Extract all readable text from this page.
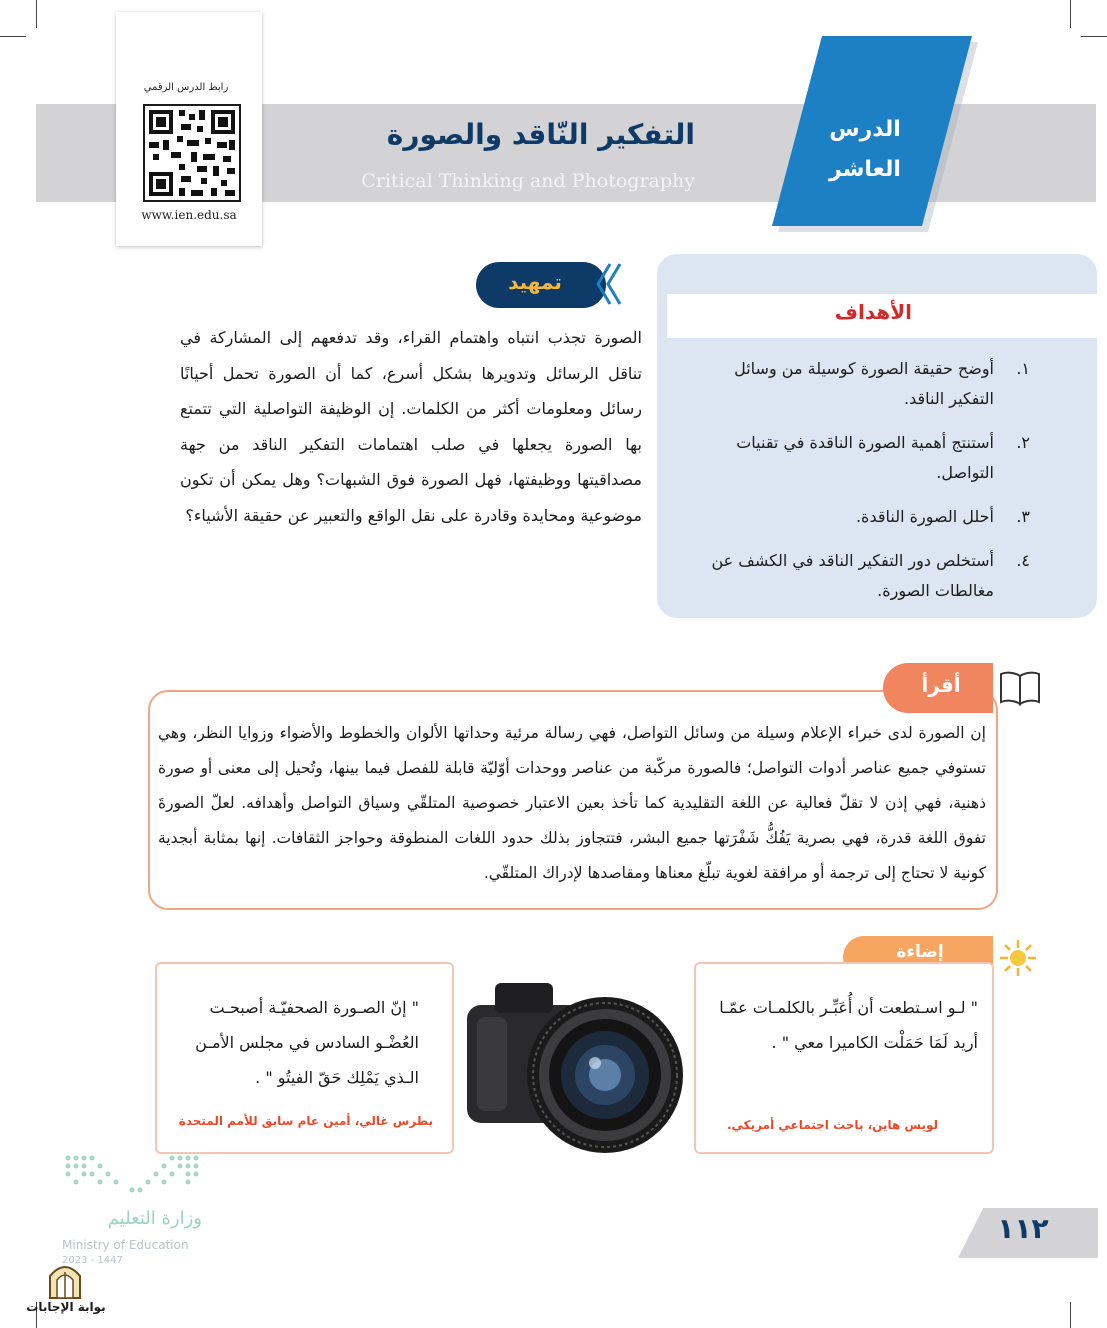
الدرس العاشر
التفكير النّاقد والصورة
Critical Thinking and Photography
رابط الدرس الرقمي
www.ien.edu.sa
الأهداف
١.
أوضح حقيقة الصورة كوسيلة من وسائل التفكير الناقد.
٢.
أستنتج أهمية الصورة الناقدة في تقنيات التواصل.
٣.
أحلل الصورة الناقدة.
٤.
أستخلص دور التفكير الناقد في الكشف عن مغالطات الصورة.
تمهيد
الصورة تجذب انتباه واهتمام القراء، وقد تدفعهم إلى المشاركة في تناقل الرسائل وتدويرها بشكل أسرع، كما أن الصورة تحمل أحيانًا رسائل ومعلومات أكثر من الكلمات. إن الوظيفة التواصلية التي تتمتع بها الصورة يجعلها في صلب اهتمامات التفكير الناقد من جهة مصداقيتها ووظيفتها، فهل الصورة فوق الشبهات؟ وهل يمكن أن تكون موضوعية ومحايدة وقادرة على نقل الواقع والتعبير عن حقيقة الأشياء؟
أقرأ
إن الصورة لدى خبراء الإعلام وسيلة من وسائل التواصل، فهي رسالة مرئية وحداتها الألوان والخطوط والأضواء وزوايا النظر، وهي تستوفي جميع عناصر أدوات التواصل؛ فالصورة مركّبة من عناصر ووحدات أوّليّة قابلة للفصل فيما بينها، وتُحيل إلى معنى أو صورة ذهنية، فهي إذن لا تقلّ فعالية عن اللغة التقليدية كما تأخذ بعين الاعتبار خصوصية المتلقّي وسياق التواصل وأهدافه. لعلّ الصورةَ تفوق اللغة قدرة، فهي بصرية يَفُكُّ شَفْرَتها جميع البشر، فتتجاوز بذلك حدود اللغات المنطوقة وحواجز الثقافات. إنها بمثابة أبجدية كونية لا تحتاج إلى ترجمة أو مرافقة لغوية تبلّغ معناها ومقاصدها لإدراك المتلقّي.
إضاءة
" لـو اسـتطعت أن أُعَبِّـر بالكلمـات عمّـا أريد لَمَا حَمَلْت الكاميرا معي " .
لويس هاين، باحث اجتماعي أمريكي.
" إنّ الصـورة الصحفيّـة أصبحـت العُضْـو السادس في مجلس الأمـن الـذي يَمْلِك حَقّ الفيتُو " .
بطرس غالي، أمين عام سابق للأمم المتحدة
١١٢
وزارة التعليم
Ministry of Education
2023 - 1447
بوابة الإجابات
